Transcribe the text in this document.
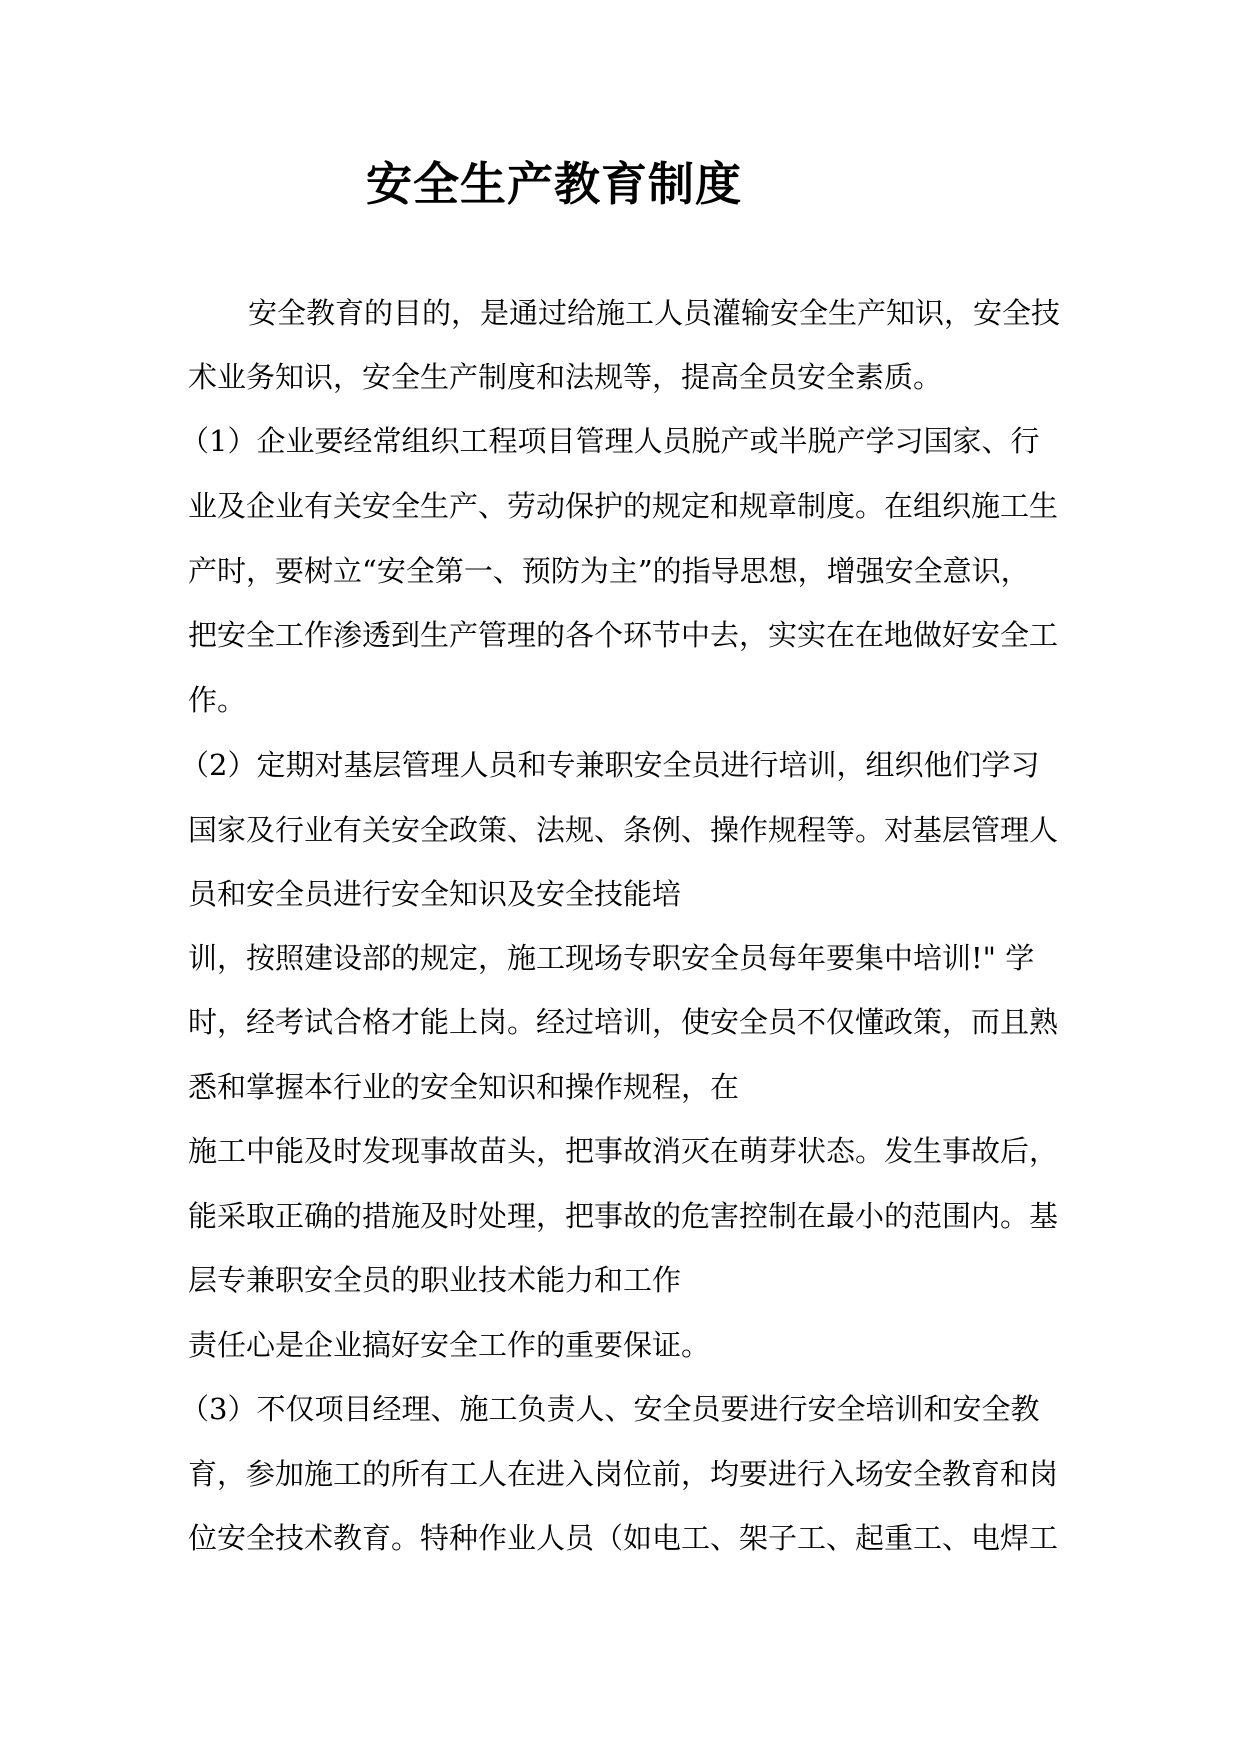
安全生产教育制度

安全教育的目的，是通过给施工人员灌输安全生产知识，安全技

术业务知识，安全生产制度和法规等，提高全员安全素质。

（1）企业要经常组织工程项目管理人员脱产或半脱产学习国家、行

业及企业有关安全生产、劳动保护的规定和规章制度。在组织施工生

产时，要树立“安全第一、预防为主”的指导思想，增强安全意识，

把安全工作渗透到生产管理的各个环节中去，实实在在地做好安全工

作。

（2）定期对基层管理人员和专兼职安全员进行培训，组织他们学习

国家及行业有关安全政策、法规、条例、操作规程等。对基层管理人

员和安全员进行安全知识及安全技能培

训，按照建设部的规定，施工现场专职安全员每年要集中培训!" 学

时，经考试合格才能上岗。经过培训，使安全员不仅懂政策，而且熟

悉和掌握本行业的安全知识和操作规程，在

施工中能及时发现事故苗头，把事故消灭在萌芽状态。发生事故后，

能采取正确的措施及时处理，把事故的危害控制在最小的范围内。基

层专兼职安全员的职业技术能力和工作

责任心是企业搞好安全工作的重要保证。

（3）不仅项目经理、施工负责人、安全员要进行安全培训和安全教

育，参加施工的所有工人在进入岗位前，均要进行入场安全教育和岗

位安全技术教育。特种作业人员（如电工、架子工、起重工、电焊工
